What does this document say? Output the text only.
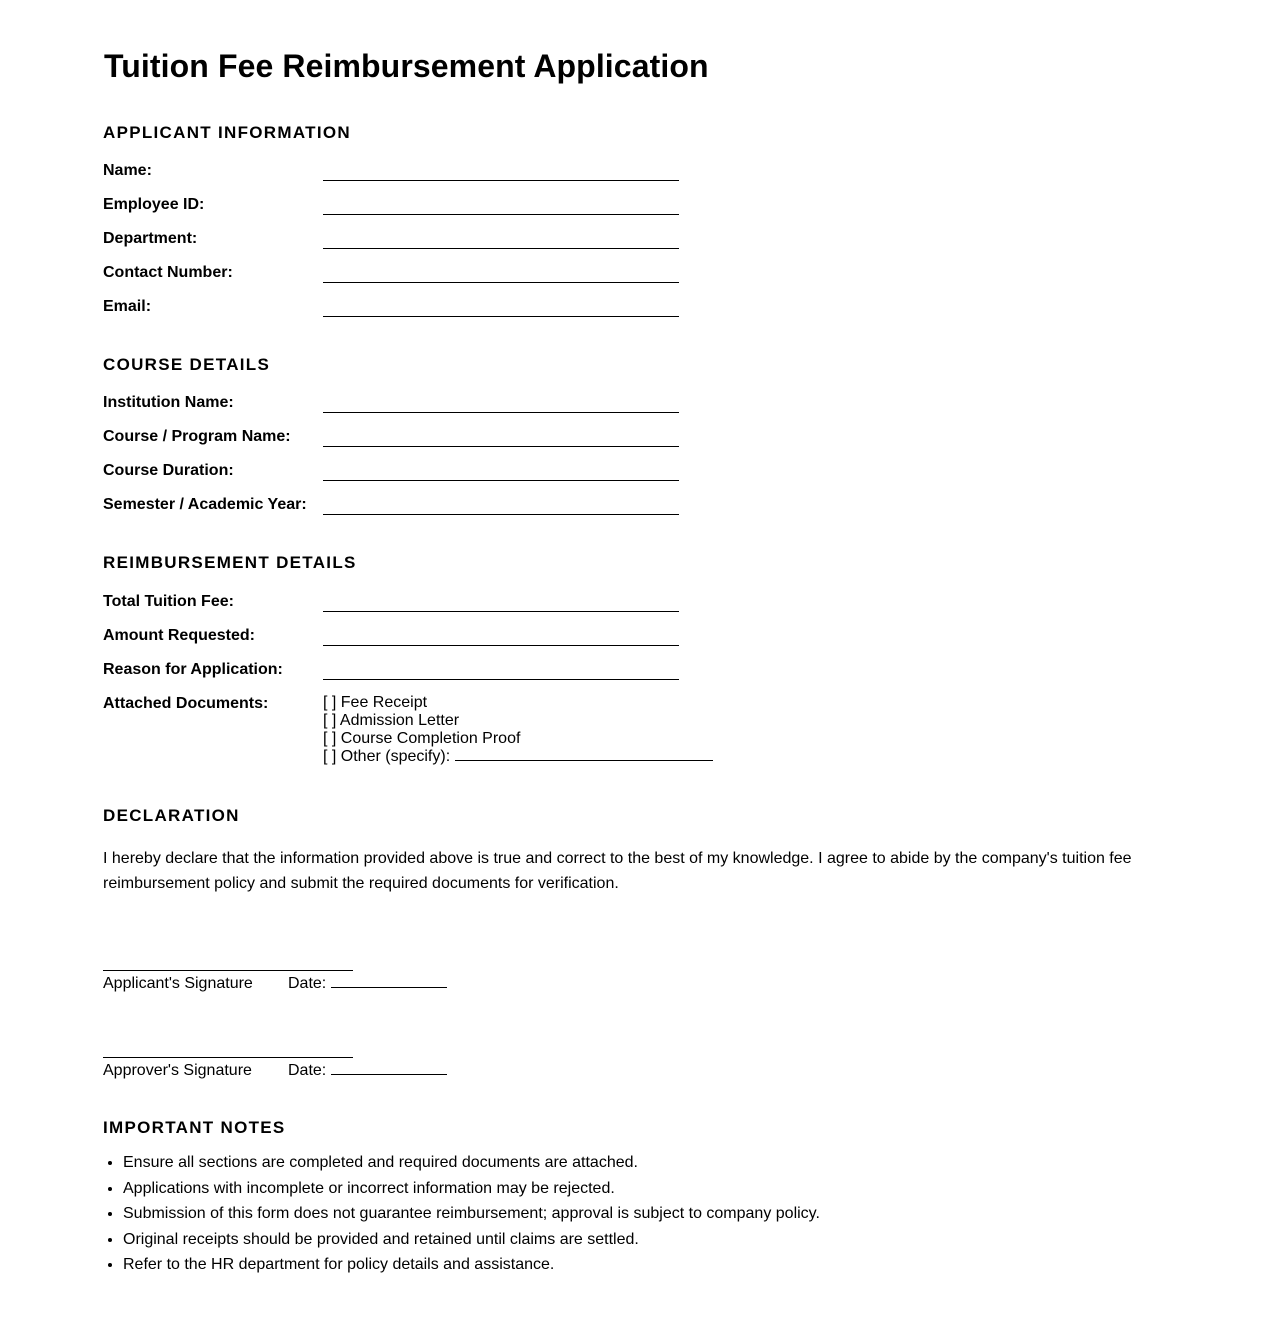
Tuition Fee Reimbursement Application
APPLICANT INFORMATION
Name:
Employee ID:
Department:
Contact Number:
Email:
COURSE DETAILS
Institution Name:
Course / Program Name:
Course Duration:
Semester / Academic Year:
REIMBURSEMENT DETAILS
Total Tuition Fee:
Amount Requested:
Reason for Application:
Attached Documents:	[ ] Fee Receipt
[ ] Admission Letter
[ ] Course Completion Proof
[ ] Other (specify):
DECLARATION

I hereby declare that the information provided above is true and correct to the best of my knowledge. I agree to abide by the company's tuition fee reimbursement policy and submit the required documents for verification.

Applicant's Signature Date:
Approver's Signature Date:
IMPORTANT NOTES
• Ensure all sections are completed and required documents are attached.
• Applications with incomplete or incorrect information may be rejected.
• Submission of this form does not guarantee reimbursement; approval is subject to company policy.
• Original receipts should be provided and retained until claims are settled.
• Refer to the HR department for policy details and assistance.
